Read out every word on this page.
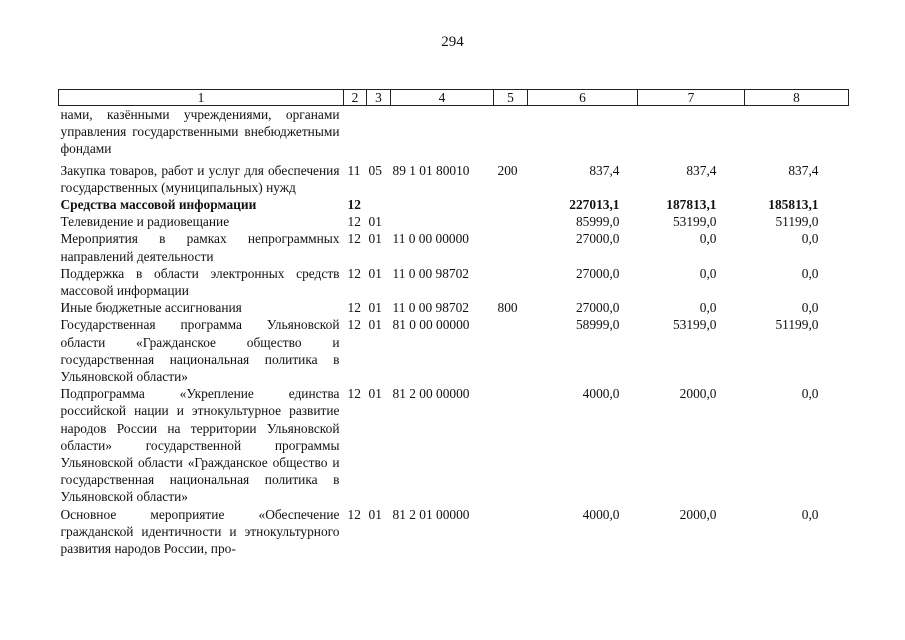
294
1	2	3	4	5	6	7	8
нами, казёнными учреждениями, органами управления государственными внебюджетными фондами							
Закупка товаров, работ и услуг для обеспечения государственных (муниципальных) нужд	11	05	89 1 01 80010	200	837,4	837,4	837,4
Средства массовой информации	12				227013,1	187813,1	185813,1
Телевидение и радиовещание	12	01			85999,0	53199,0	51199,0
Мероприятия в рамках непрограммных направлений деятельности	12	01	11 0 00 00000		27000,0	0,0	0,0
Поддержка в области электронных средств массовой информации	12	01	11 0 00 98702		27000,0	0,0	0,0
Иные бюджетные ассигнования	12	01	11 0 00 98702	800	27000,0	0,0	0,0
Государственная программа Ульяновской области «Гражданское общество и государственная национальная политика в Ульяновской области»	12	01	81 0 00 00000		58999,0	53199,0	51199,0
Подпрограмма «Укрепление единства российской нации и этнокультурное развитие народов России на территории Ульяновской области» государственной программы Ульяновской области «Гражданское общество и государственная национальная политика в Ульяновской области»	12	01	81 2 00 00000		4000,0	2000,0	0,0
Основное мероприятие «Обеспечение гражданской идентичности и этнокультурного развития народов России, про-	12	01	81 2 01 00000		4000,0	2000,0	0,0
